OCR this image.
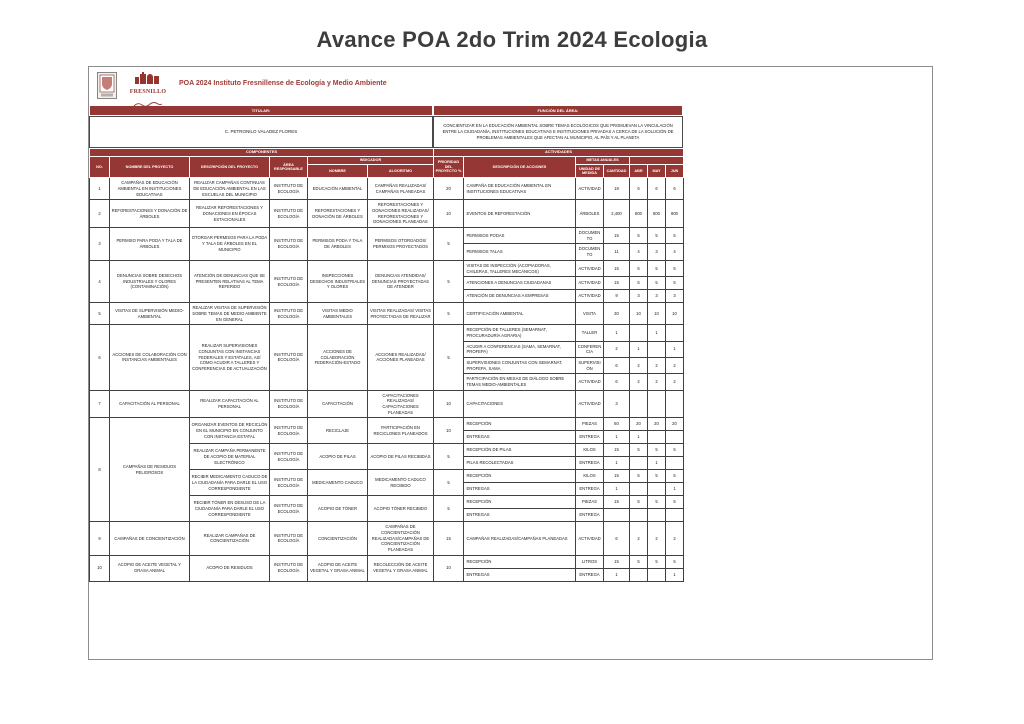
Avance POA 2do Trim 2024 Ecologia
FRESNILLO
POA 2024 Instituto Fresnillense de Ecología y Medio Ambiente
TITULAR:	FUNCIÓN DEL ÁREA:
C. PETRONILO VALADEZ FLORES
CONCIENTIZAR EN LA EDUCACIÓN AMBIENTAL SOBRE TEMAS ECOLÓGICOS QUE PROMUEVAN LA VINCULACIÓN ENTRE LA CIUDADANÍA, INSTITUCIONES EDUCATIVAS E INSTITUCIONES PRIVADAS A CERCA DE LA SOLUCIÓN DE PROBLEMAS AMBIENTALES QUE AFECTAN AL MUNICIPIO, AL PAÍS Y AL PLANETA
COMPONENTES						ACTIVIDADES						
NO.	NOMBRE DEL PROYECTO	DESCRIPCIÓN DEL PROYECTO	ÁREA RESPONSABLE	INDICADOR		PRIORIDAD DEL PROYECTO %	DESCRIPCIÓN DE ACCIONES	METAS ANUALES				
				NOMBRE	ALGORITMO			UNIDAD DE MEDIDA	CANTIDAD	ABR	MAY	JUN
1	CAMPAÑAS DE EDUCACIÓN AMBIENTAL EN INSTITUCIONES EDUCATIVAS	REALIZAR CAMPAÑAS CONTINUAS DE EDUCACIÓN AMBIENTAL EN LAS ESCUELAS DEL MUNICIPIO	INSTITUTO DE ECOLOGÍA	EDUCACIÓN AMBIENTAL	CAMPAÑAS REALIZADAS/ CAMPAÑAS PLANEADAS	20	CAMPAÑA DE EDUCACIÓN AMBIENTAL EN INSTITUCIONES EDUCATIVAS	ACTIVIDAD	18	6	6	6
2	REFORESTACIONES Y DONACIÓN DE ÁRBOLES	REALIZAR REFORESTACIONES Y DONACIONES EN ÉPOCAS ESTACIONALES	INSTITUTO DE ECOLOGÍA	REFORESTACIONES Y DONACIÓN DE ÁRBOLES	REFORESTACIONES Y DONACIONES REALIZADAS/ REFORESTACIONES Y DONACIONES PLANEADAS	10	EVENTOS DE REFORESTACIÓN	ÁRBOLES	2,400	800	800	800
3	PERMISO PARA PODA Y TALA DE ÁRBOLES	OTORGAR PERMISOS PARA LA PODA Y TALA DE ÁRBOLES EN EL MUNICIPIO	INSTITUTO DE ECOLOGÍA	PERMISOS PODA Y TALA DE ÁRBOLES	PERMISOS OTORGADOS/ PERMISOS PROYECTADOS	5	PERMISOS PODAS	DOCUMENTO	15	5	5	5
							PERMISOS TALAS	DOCUMENTO	11	4	3	4
4	DENUNCIAS SOBRE DESECHOS INDUSTRIALES Y OLORES (CONTAMINACIÓN)	ATENCIÓN DE DENUNCIAS QUE SE PRESENTEN RELATIVAS AL TEMA REFERIDO	INSTITUTO DE ECOLOGÍA	INSPECCIONES DESECHOS INDUSTRIALES Y OLORES	DENUNCIAS ATENDIDAS/ DENUNCIAS PROYECTADAS DE ATENDER	5	VISITAS DE INSPECCIÓN (ACOPIADORAS, CHILERAS, TALLERES MECÁNICOS)	ACTIVIDAD	15	5	5	5
							ATENCIONES A DENUNCIAS CIUDADANAS	ACTIVIDAD	15	5	5	5
							ATENCIÓN DE DENUNCIAS A EMPRESAS	ACTIVIDAD	9	3	3	3
5	VISITAS DE SUPERVISIÓN MEDIO-AMBIENTAL	REALIZAR VISITAS DE SUPERVISIÓN SOBRE TEMAS DE MEDIO AMBIENTE EN GENERAL	INSTITUTO DE ECOLOGÍA	VISITAS MEDIO AMBIENTALES	VISITAS REALIZADAS/ VISITAS PROYECTADAS DE REALIZAR	5	CERTIFICACIÓN AMBIENTAL	VISITA	30	10	10	10
6	ACCIONES DE COLABORACIÓN CON INSTANCIAS AMBIENTALES	REALIZAR SUPERVISIONES CONJUNTAS CON INSTANCIAS FEDERALES Y ESTATALES, ASÍ COMO ACUDIR A TALLERES Y CONFERENCIAS DE ACTUALIZACIÓN	INSTITUTO DE ECOLOGÍA	ACCIONES DE COLABORACIÓN FEDERACIÓN-ESTADO	ACCIONES REALIZADAS/ ACCIONES PLANEADAS	5	RECEPCIÓN DE TALLERES (SEMARNAT, PROCURADURÍA AGRARIA)	TALLER	1		1	
							ACUDIR A CONFERENCIAS (SAMA, SEMARNAT, PROFEPA)	CONFERENCIA	2	1		1
							SUPERVISIONES CONJUNTAS CON SEMARNAT, PROFEPA, SAMA	SUPERVISIÓN	6	2	2	2
							PARTICIPACIÓN EN MESAS DE DIÁLOGO SOBRE TEMAS MEDIO-AMBIENTALES	ACTIVIDAD	6	2	2	2
7	CAPACITACIÓN AL PERSONAL	REALIZAR CAPACITACIÓN AL PERSONAL	INSTITUTO DE ECOLOGÍA	CAPACITACIÓN	CAPACITACIONES REALIZADAS/ CAPACITACIONES PLANEADAS	10	CAPACITACIONES	ACTIVIDAD	3			
8	CAMPAÑAS DE RESIDUOS PELIGROSOS	ORGANIZAR EVENTOS DE RECICLÓN EN EL MUNICIPIO EN CONJUNTO CON INSTANCIA ESTATAL	INSTITUTO DE ECOLOGÍA	RECICLAJE	PARTICIPACIÓN EN RECICLONES PLANEADOS	10	RECEPCIÓN	PIEZAS	60	20	20	20
							ENTREGAS	ENTREGA	1	1		
		REALIZAR CAMPAÑA PERMANENTE DE ACOPIO DE MATERIAL ELECTRÓNICO	INSTITUTO DE ECOLOGÍA	ACOPIO DE PILAS	ACOPIO DE PILAS RECIBIDAS	5	RECEPCIÓN DE PILAS	KILOS	15	5	5	5
							PILAS RECOLECTADAS	ENTREGA	1		1	
		RECIBIR MEDICAMENTO CADUCO DE LA CIUDADANÍA PARA DARLE EL USO CORRESPONDIENTE	INSTITUTO DE ECOLOGÍA	MEDICAMENTO CADUCO	MEDICAMENTO CADUCO RECIBIDO	5	RECEPCIÓN	KILOS	15	5	5	5
							ENTREGAS	ENTREGA	1			1
		RECIBIR TÓNER EN DESUSO DE LA CIUDADANÍA PARA DARLE EL USO CORRESPONDIENTE	INSTITUTO DE ECOLOGÍA	ACOPIO DE TÓNER	ACOPIO TÓNER RECIBIDO	5	RECEPCIÓN	PIEZAS	15	5	5	5
							ENTREGAS	ENTREGA				
9	CAMPAÑAS DE CONCIENTIZACIÓN	REALIZAR CAMPAÑAS DE CONCIENTIZACIÓN	INSTITUTO DE ECOLOGÍA	CONCIENTIZACIÓN	CAMPAÑAS DE CONCIENTIZACIÓN REALIZADAS/CAMPAÑAS DE CONCIENTIZACIÓN PLANEADAS	15	CAMPAÑAS REALIZADAS/CAMPAÑAS PLANEADAS	ACTIVIDAD	6	2	2	2
10	ACOPIO DE ACEITE VEGETAL Y GRASA ANIMAL	ACOPIO DE RESIDUOS	INSTITUTO DE ECOLOGÍA	ACOPIO DE ACEITE VEGETAL Y GRASA ANIMAL	RECOLECCIÓN DE ACEITE VEGETAL Y GRASA ANIMAL	10	RECEPCIÓN	LITROS	15	5	5	5
							ENTREGAS	ENTREGA	1			1
